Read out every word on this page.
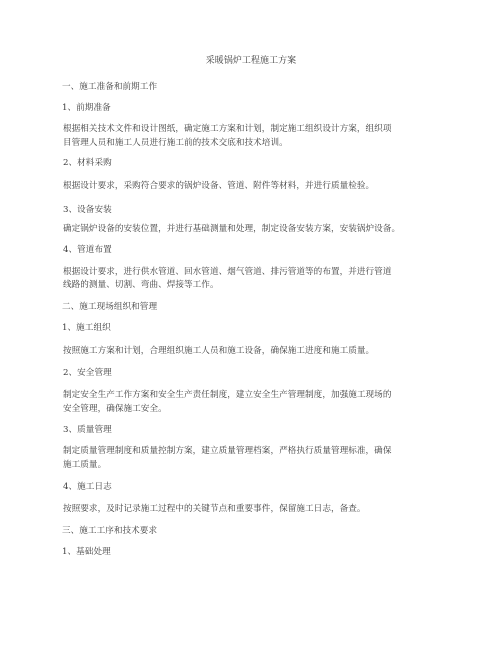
采暖锅炉工程施工方案
一、施工准备和前期工作
1、前期准备
根据相关技术文件和设计图纸，确定施工方案和计划，制定施工组织设计方案，组织项
目管理人员和施工人员进行施工前的技术交底和技术培训。
2、材料采购
根据设计要求，采购符合要求的锅炉设备、管道、附件等材料，并进行质量检验。
3、设备安装
确定锅炉设备的安装位置，并进行基础测量和处理，制定设备安装方案，安装锅炉设备。
4、管道布置
根据设计要求，进行供水管道、回水管道、烟气管道、排污管道等的布置，并进行管道
线路的测量、切割、弯曲、焊接等工作。
二、施工现场组织和管理
1、施工组织
按照施工方案和计划，合理组织施工人员和施工设备，确保施工进度和施工质量。
2、安全管理
制定安全生产工作方案和安全生产责任制度，建立安全生产管理制度，加强施工现场的
安全管理，确保施工安全。
3、质量管理
制定质量管理制度和质量控制方案，建立质量管理档案，严格执行质量管理标准，确保
施工质量。
4、施工日志
按照要求，及时记录施工过程中的关键节点和重要事件，保留施工日志，备查。
三、施工工序和技术要求
1、基础处理
